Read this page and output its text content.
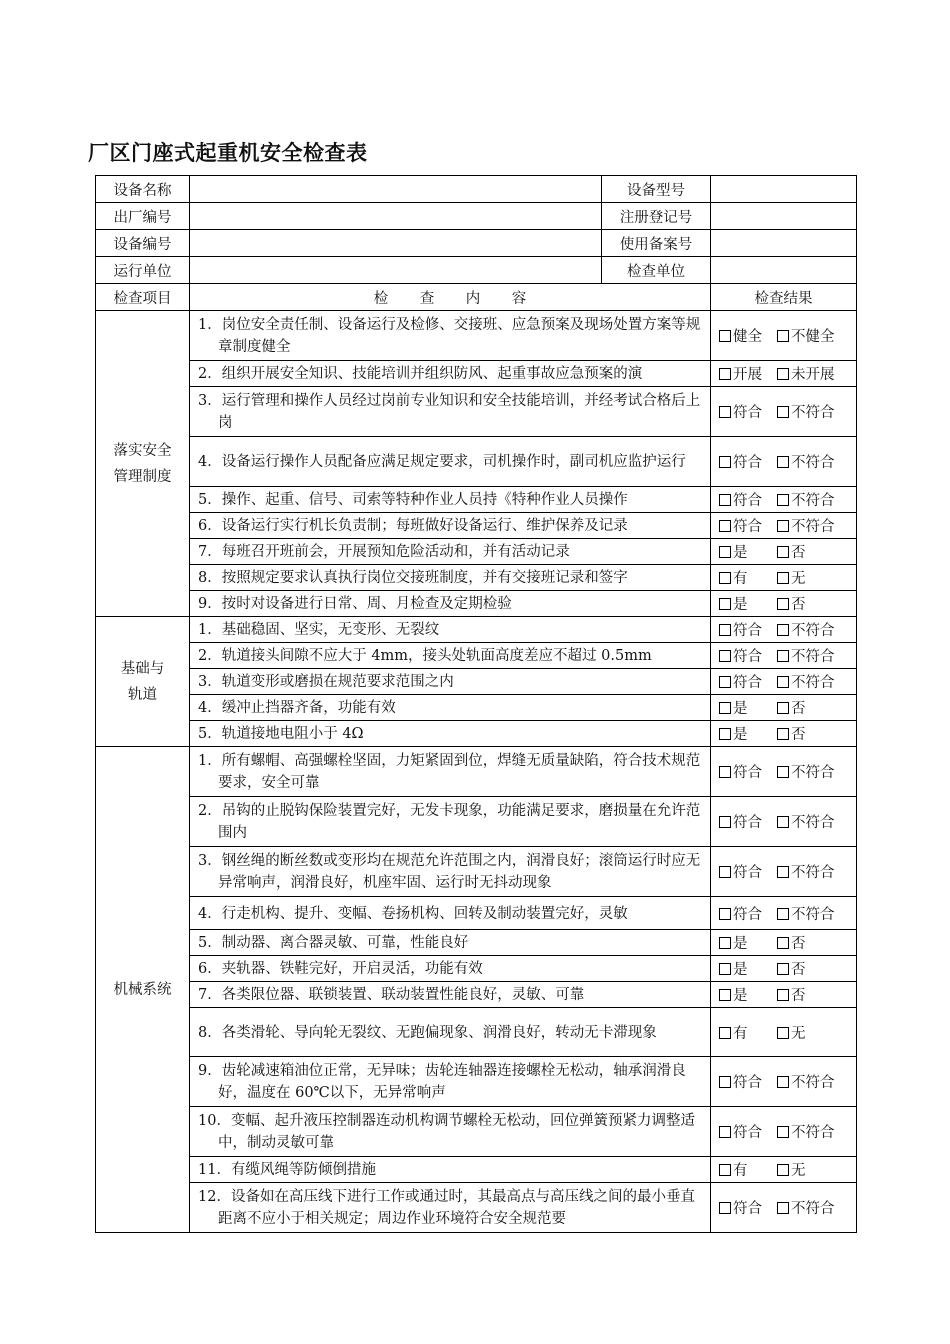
厂区门座式起重机安全检查表
设备名称		设备型号	
出厂编号		注册登记号	
设备编号		使用备案号	
运行单位		检查单位	
检查项目	检 查 内 容		检查结果
落实安全
管理制度	1．岗位安全责任制、设备运行及检修、交接班、应急预案及现场处置方案等规章制度健全		健全 不健全

	2．组织开展安全知识、技能培训并组织防风、起重事故应急预案的演		开展 未开展

	3．运行管理和操作人员经过岗前专业知识和安全技能培训，并经考试合格后上岗		符合 不符合

	4．设备运行操作人员配备应满足规定要求，司机操作时，副司机应监护运行		符合 不符合

	5．操作、起重、信号、司索等特种作业人员持《特种作业人员操作		符合 不符合

	6．设备运行实行机长负责制；每班做好设备运行、维护保养及记录		符合 不符合

	7．每班召开班前会，开展预知危险活动和，并有活动记录		是 否

	8．按照规定要求认真执行岗位交接班制度，并有交接班记录和签字		有 无

	9．按时对设备进行日常、周、月检查及定期检验		是 否
基础与
轨道	1．基础稳固、坚实，无变形、无裂纹		符合 不符合

	2．轨道接头间隙不应大于 4mm，接头处轨面高度差应不超过 0.5mm		符合 不符合

	3．轨道变形或磨损在规范要求范围之内		符合 不符合

	4．缓冲止挡器齐备，功能有效		是 否

	5．轨道接地电阻小于 4Ω		是 否
机械系统	1．所有螺帽、高强螺栓坚固，力矩紧固到位，焊缝无质量缺陷，符合技术规范要求，安全可靠		符合 不符合

	2．吊钩的止脱钩保险装置完好，无发卡现象，功能满足要求，磨损量在允许范围内		符合 不符合

	3．钢丝绳的断丝数或变形均在规范允许范围之内，润滑良好；滚筒运行时应无异常响声，润滑良好，机座牢固、运行时无抖动现象		符合 不符合

	4．行走机构、提升、变幅、卷扬机构、回转及制动装置完好，灵敏		符合 不符合

	5．制动器、离合器灵敏、可靠，性能良好		是 否

	6．夹轨器、铁鞋完好，开启灵活，功能有效		是 否

	7．各类限位器、联锁装置、联动装置性能良好，灵敏、可靠		是 否

	8．各类滑轮、导向轮无裂纹、无跑偏现象、润滑良好，转动无卡滞现象		有 无

	9．齿轮减速箱油位正常，无异味；齿轮连轴器连接螺栓无松动，轴承润滑良好，温度在 60℃以下，无异常响声		符合 不符合

	10．变幅、起升液压控制器连动机构调节螺栓无松动，回位弹簧预紧力调整适中，制动灵敏可靠		符合 不符合

	11．有缆风绳等防倾倒措施		有 无

	12．设备如在高压线下进行工作或通过时，其最高点与高压线之间的最小垂直距离不应小于相关规定；周边作业环境符合安全规范要		符合 不符合
